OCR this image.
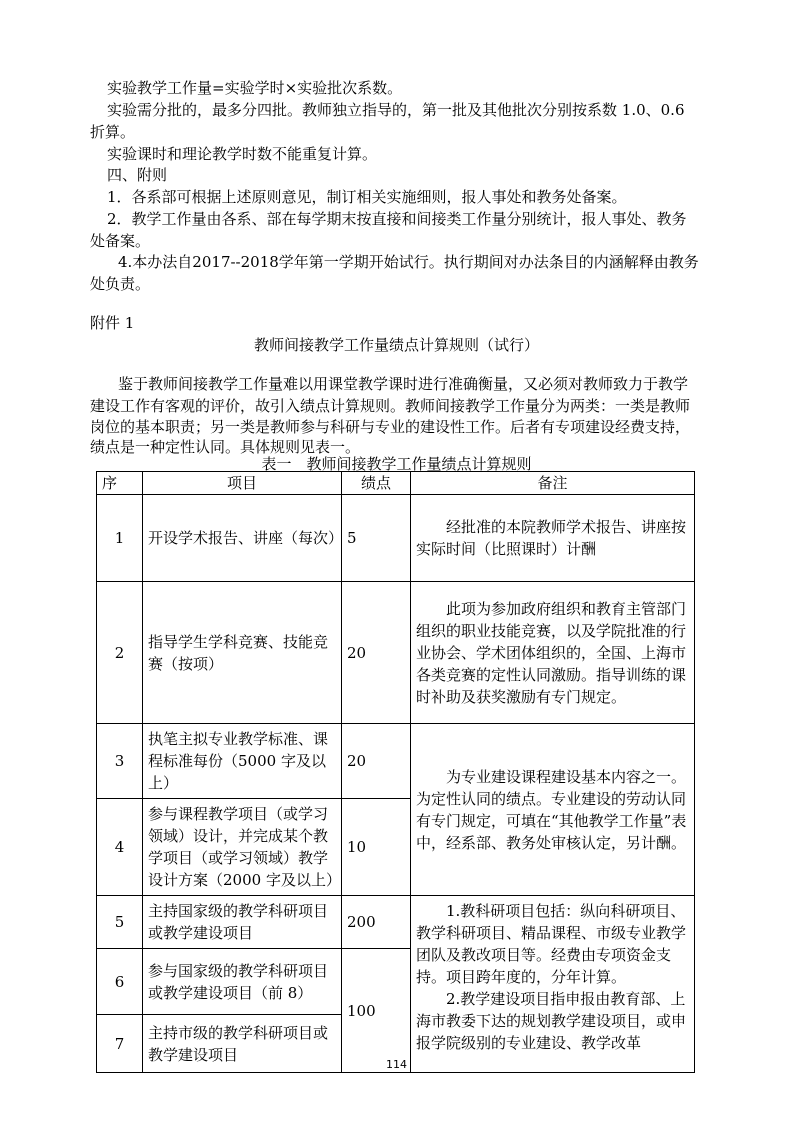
实验教学工作量=实验学时×实验批次系数。
实验需分批的，最多分四批。教师独立指导的，第一批及其他批次分别按系数 1.0、0.6
折算。
实验课时和理论教学时数不能重复计算。
四、附则
1．各系部可根据上述原则意见，制订相关实施细则，报人事处和教务处备案。
2．教学工作量由各系、部在每学期末按直接和间接类工作量分别统计，报人事处、教务
处备案。
4.本办法自2017--2018学年第一学期开始试行。执行期间对办法条目的内涵解释由教务
处负责。
附件 1
教师间接教学工作量绩点计算规则（试行）
鉴于教师间接教学工作量难以用课堂教学课时进行准确衡量，又必须对教师致力于教学
建设工作有客观的评价，故引入绩点计算规则。教师间接教学工作量分为两类：一类是教师
岗位的基本职责；另一类是教师参与科研与专业的建设性工作。后者有专项建设经费支持，
绩点是一种定性认同。具体规则见表一。
表一　教师间接教学工作量绩点计算规则
序	项目	绩点	备注
1	开设学术报告、讲座（每次）	5	经批准的本院教师学术报告、讲座按实际时间（比照课时）计酬

2	指导学生学科竞赛、技能竞赛（按项）	20	此项为参加政府组织和教育主管部门组织的职业技能竞赛，以及学院批准的行业协会、学术团体组织的，全国、上海市各类竞赛的定性认同激励。指导训练的课时补助及获奖激励有专门规定。

3	执笔主拟专业教学标准、课程标准每份（5000 字及以上）	20	为专业建设课程建设基本内容之一。为定性认同的绩点。专业建设的劳动认同有专门规定，可填在“其他教学工作量”表中，经系部、教务处审核认定，另计酬。

4	参与课程教学项目（或学习领域）设计，并完成某个教学项目（或学习领域）教学设计方案（2000 字及以上）	10	
5	主持国家级的教学科研项目或教学建设项目	200	1.教科研项目包括：纵向科研项目、教学科研项目、精品课程、市级专业教学团队及教改项目等。经费由专项资金支持。项目跨年度的，分年计算。

2.教学建设项目指申报由教育部、上海市教委下达的规划教学建设项目，或申报学院级别的专业建设、教学改革

6	参与国家级的教学科研项目或教学建设项目（前 8）	100	
7	主持市级的教学科研项目或教学建设项目		
114
